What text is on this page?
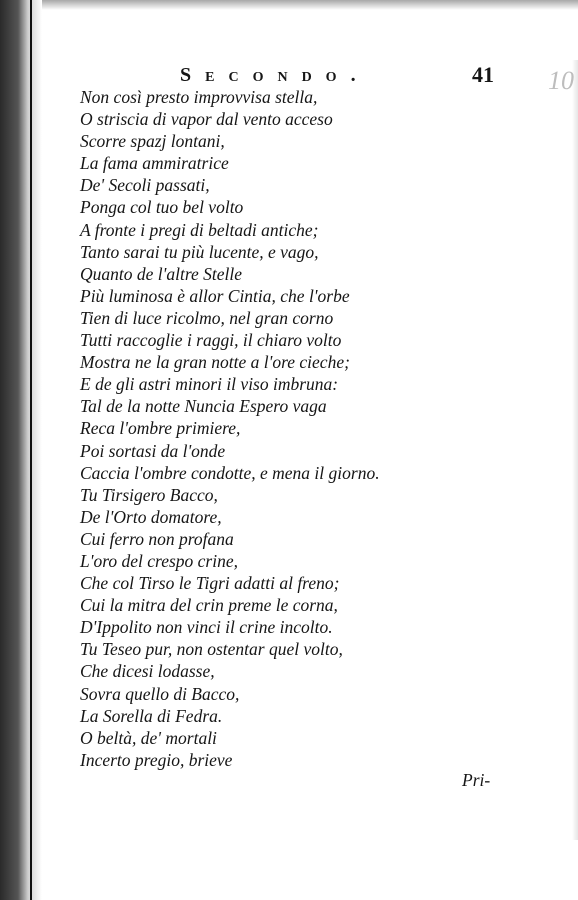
Secondo.	41 10
Non così presto improvvisa stella,
O striscia di vapor dal vento acceso
Scorre spazj lontani,
La fama ammiratrice
De' Secoli passati,
Ponga col tuo bel volto
A fronte i pregi di beltadi antiche;
Tanto sarai tu più lucente, e vago,
Quanto de l'altre Stelle
Più luminosa è allor Cintia, che l'orbe
Tien di luce ricolmo, nel gran corno
Tutti raccoglie i raggi, il chiaro volto
Mostra ne la gran notte a l'ore cieche;
E de gli astri minori il viso imbruna:
Tal de la notte Nuncia Espero vaga
Reca l'ombre primiere,
Poi sortasi da l'onde
Caccia l'ombre condotte, e mena il giorno.
Tu Tirsigero Bacco,
De l'Orto domatore,
Cui ferro non profana
L'oro del crespo crine,
Che col Tirso le Tigri adatti al freno;
Cui la mitra del crin preme le corna,
D'Ippolito non vinci il crine incolto.
Tu Teseo pur, non ostentar quel volto,
Che dicesi lodasse,
Sovra quello di Bacco,
La Sorella di Fedra.
O beltà, de' mortali
Incerto pregio, brieve
Pri-
